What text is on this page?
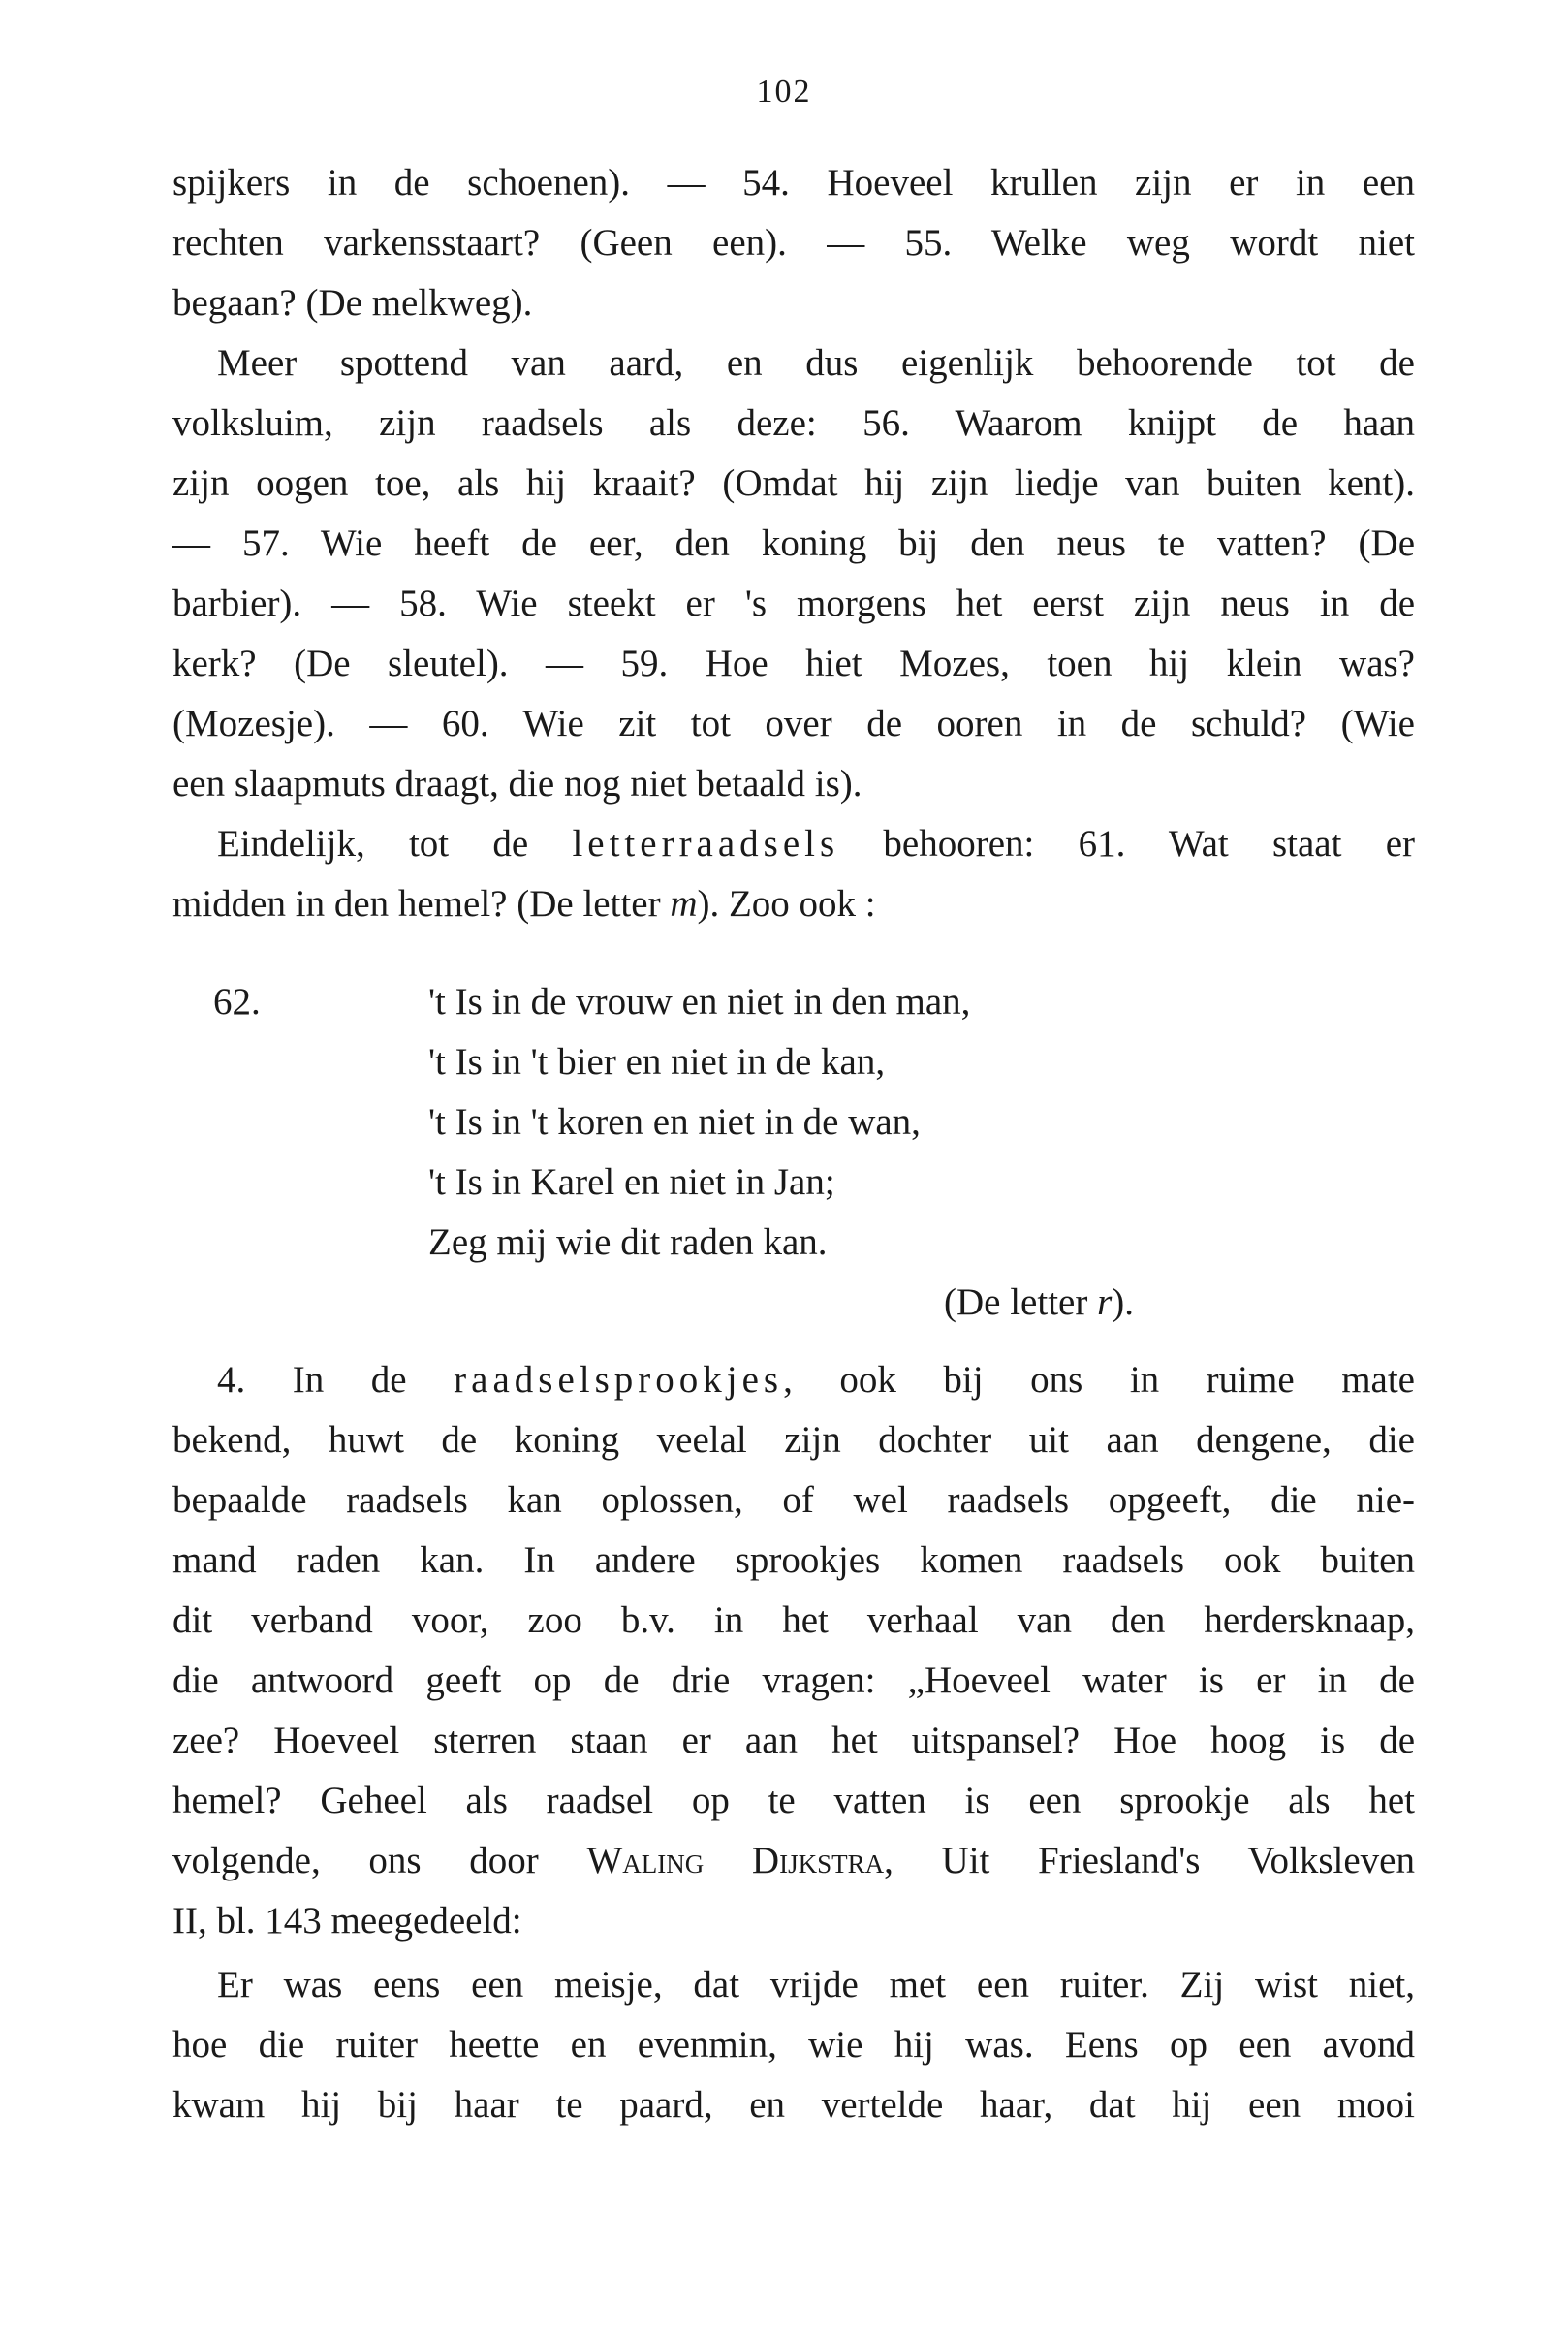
102
spijkers in de schoenen). — 54. Hoeveel krullen zijn er in een
rechten varkensstaart? (Geen een). — 55. Welke weg wordt niet
begaan? (De melkweg).
Meer spottend van aard, en dus eigenlijk behoorende tot de
volksluim, zijn raadsels als deze: 56. Waarom knijpt de haan
zijn oogen toe, als hij kraait? (Omdat hij zijn liedje van buiten kent).
— 57. Wie heeft de eer, den koning bij den neus te vatten? (De
barbier). — 58. Wie steekt er 's morgens het eerst zijn neus in de
kerk? (De sleutel). — 59. Hoe hiet Mozes, toen hij klein was?
(Mozesje). — 60. Wie zit tot over de ooren in de schuld? (Wie
een slaapmuts draagt, die nog niet betaald is).
Eindelijk, tot de letterraadsels behooren: 61. Wat staat er
midden in den hemel? (De letter m). Zoo ook :
62.	't Is in de vrouw en niet in den man,
't Is in 't bier en niet in de kan,
't Is in 't koren en niet in de wan,
't Is in Karel en niet in Jan;
Zeg mij wie dit raden kan.
(De letter r).
4. In de raadselsprookjes, ook bij ons in ruime mate
bekend, huwt de koning veelal zijn dochter uit aan dengene, die
bepaalde raadsels kan oplossen, of wel raadsels opgeeft, die nie-
mand raden kan. In andere sprookjes komen raadsels ook buiten
dit verband voor, zoo b.v. in het verhaal van den herdersknaap,
die antwoord geeft op de drie vragen: „Hoeveel water is er in de
zee? Hoeveel sterren staan er aan het uitspansel? Hoe hoog is de
hemel? Geheel als raadsel op te vatten is een sprookje als het
volgende, ons door Waling Dijkstra, Uit Friesland's Volksleven
II, bl. 143 meegedeeld:
Er was eens een meisje, dat vrijde met een ruiter. Zij wist niet,
hoe die ruiter heette en evenmin, wie hij was. Eens op een avond
kwam hij bij haar te paard, en vertelde haar, dat hij een mooi
